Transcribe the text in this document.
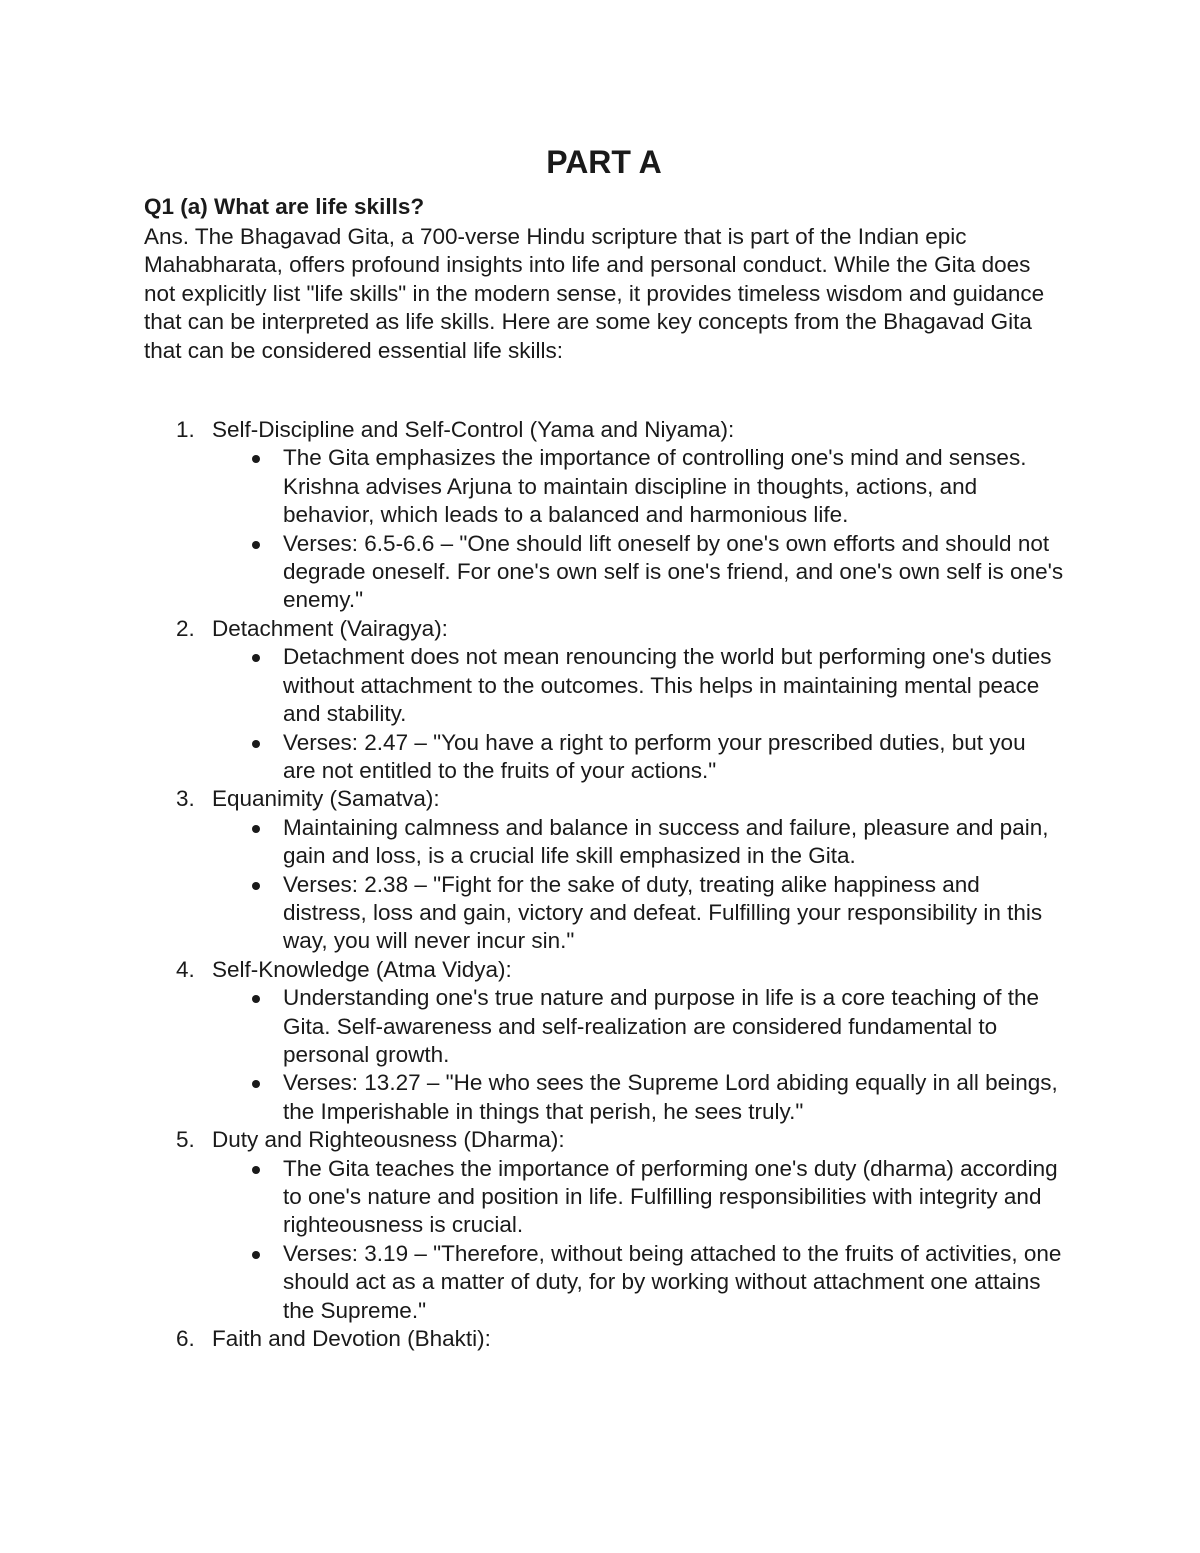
PART A

Q1 (a) What are life skills?

Ans. The Bhagavad Gita, a 700-verse Hindu scripture that is part of the Indian epic Mahabharata, offers profound insights into life and personal conduct. While the Gita does not explicitly list "life skills" in the modern sense, it provides timeless wisdom and guidance that can be interpreted as life skills. Here are some key concepts from the Bhagavad Gita that can be considered essential life skills:

1. Self-Discipline and Self-Control (Yama and Niyama):
The Gita emphasizes the importance of controlling one's mind and senses. Krishna advises Arjuna to maintain discipline in thoughts, actions, and behavior, which leads to a balanced and harmonious life.
Verses: 6.5-6.6 – "One should lift oneself by one's own efforts and should not degrade oneself. For one's own self is one's friend, and one's own self is one's enemy."
2. Detachment (Vairagya):
Detachment does not mean renouncing the world but performing one's duties without attachment to the outcomes. This helps in maintaining mental peace and stability.
Verses: 2.47 – "You have a right to perform your prescribed duties, but you are not entitled to the fruits of your actions."
3. Equanimity (Samatva):
Maintaining calmness and balance in success and failure, pleasure and pain, gain and loss, is a crucial life skill emphasized in the Gita.
Verses: 2.38 – "Fight for the sake of duty, treating alike happiness and distress, loss and gain, victory and defeat. Fulfilling your responsibility in this way, you will never incur sin."
4. Self-Knowledge (Atma Vidya):
Understanding one's true nature and purpose in life is a core teaching of the Gita. Self-awareness and self-realization are considered fundamental to personal growth.
Verses: 13.27 – "He who sees the Supreme Lord abiding equally in all beings, the Imperishable in things that perish, he sees truly."
5. Duty and Righteousness (Dharma):
The Gita teaches the importance of performing one's duty (dharma) according to one's nature and position in life. Fulfilling responsibilities with integrity and righteousness is crucial.
Verses: 3.19 – "Therefore, without being attached to the fruits of activities, one should act as a matter of duty, for by working without attachment one attains the Supreme."
6. Faith and Devotion (Bhakti):
